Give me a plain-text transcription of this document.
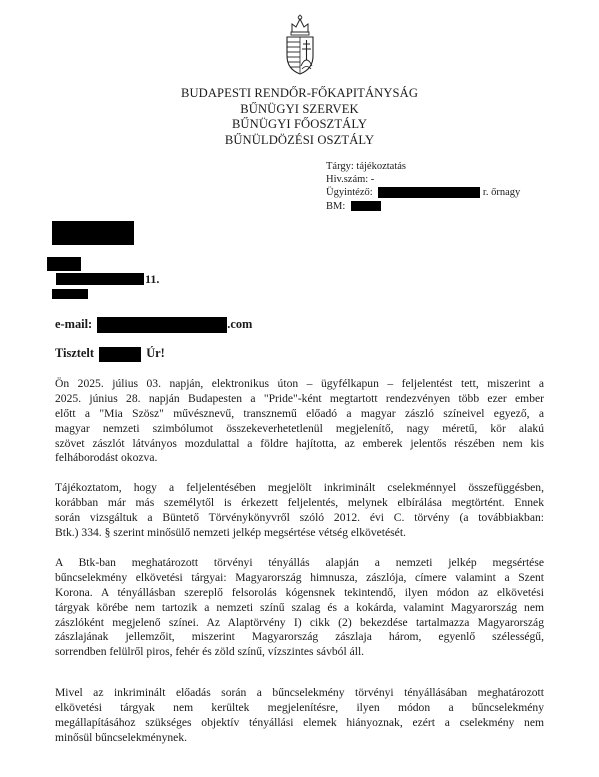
BUDAPESTI RENDŐR-FŐKAPITÁNYSÁG
BŰNÜGYI SZERVEK
BŰNÜGYI FŐOSZTÁLY
BŰNÜLDÖZÉSI OSZTÁLY
Tárgy: tájékoztatás
Hiv.szám: -
Ügyintéző:	r. őrnagy
BM:
11.
e-mail:	.com
Tisztelt	Úr!
Ön 2025. július 03. napján, elektronikus úton – ügyfélkapun – feljelentést tett, miszerint a
2025. június 28. napján Budapesten a "Pride"-ként megtartott rendezvényen több ezer ember
előtt a "Mia Szösz" művésznevű, transznemű előadó a magyar zászló színeivel egyező, a
magyar nemzeti szimbólumot összekeverhetetlenül megjelenítő, nagy méretű, kör alakú
szövet zászlót látványos mozdulattal a földre hajította, az emberek jelentős részében nem kis
felháborodást okozva.
Tájékoztatom, hogy a feljelentésében megjelölt inkriminált cselekménnyel összefüggésben,
korábban már más személytől is érkezett feljelentés, melynek elbírálása megtörtént. Ennek
során vizsgáltuk a Büntető Törvénykönyvről szóló 2012. évi C. törvény (a továbbiakban:
Btk.) 334. § szerint minősülő nemzeti jelkép megsértése vétség elkövetését.
A Btk-ban meghatározott törvényi tényállás alapján a nemzeti jelkép megsértése
bűncselekmény elkövetési tárgyai: Magyarország himnusza, zászlója, címere valamint a Szent
Korona. A tényállásban szereplő felsorolás kógensnek tekintendő, ilyen módon az elkövetési
tárgyak körébe nem tartozik a nemzeti színű szalag és a kokárda, valamint Magyarország nem
zászlóként megjelenő színei. Az Alaptörvény I) cikk (2) bekezdése tartalmazza Magyarország
zászlajának jellemzőit, miszerint Magyarország zászlaja három, egyenlő szélességű,
sorrendben felülről piros, fehér és zöld színű, vízszintes sávból áll.
Mivel az inkriminált előadás során a bűncselekmény törvényi tényállásában meghatározott
elkövetési tárgyak nem kerültek megjelenítésre, ilyen módon a bűncselekmény
megállapításához szükséges objektív tényállási elemek hiányoznak, ezért a cselekmény nem
minősül bűncselekménynek.
